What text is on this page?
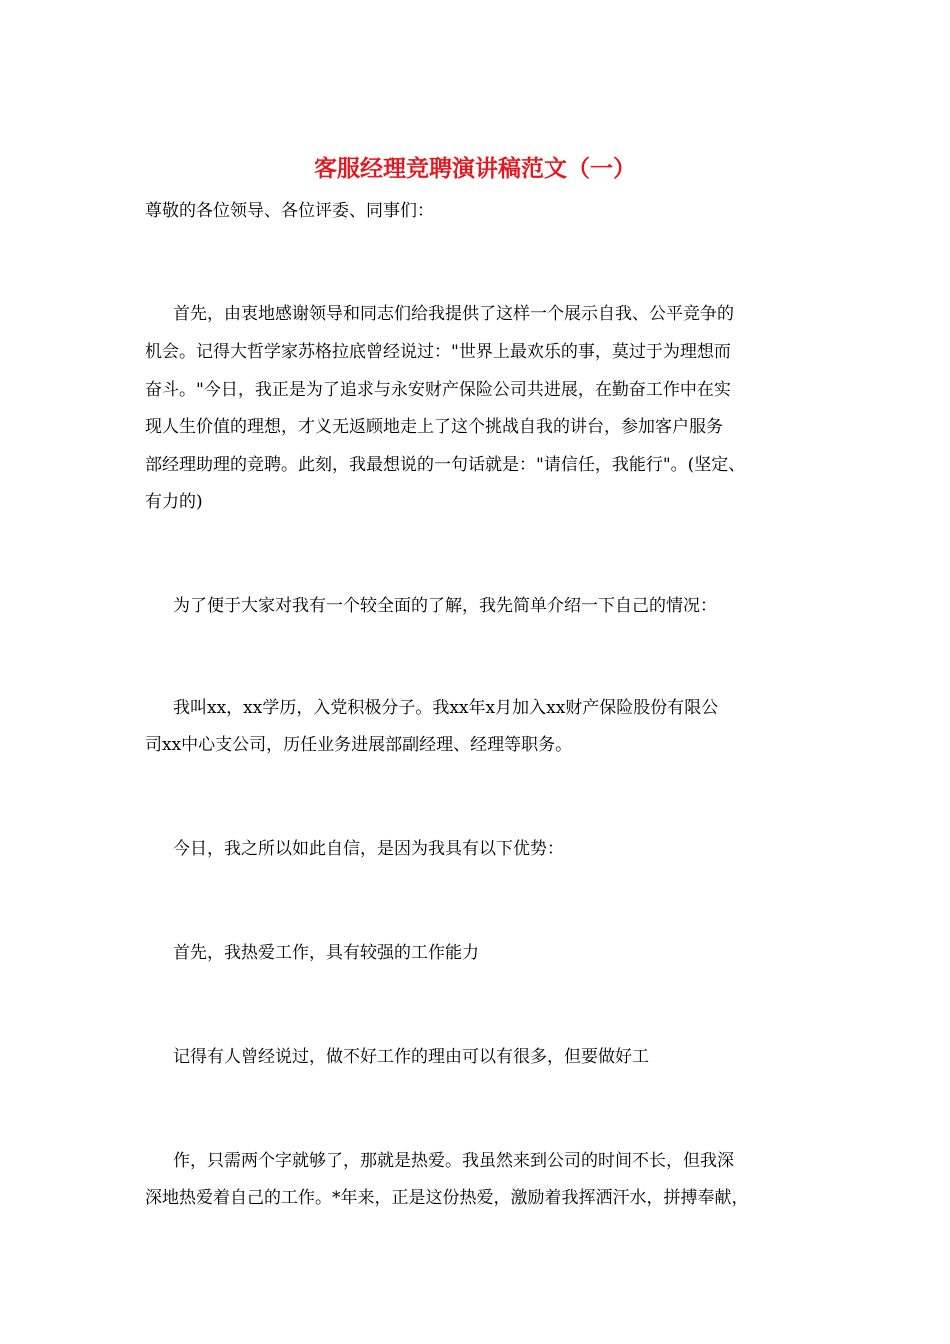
客服经理竞聘演讲稿范文（一）
尊敬的各位领导、各位评委、同事们：
首先，由衷地感谢领导和同志们给我提供了这样一个展示自我、公平竞争的
机会。记得大哲学家苏格拉底曾经说过："世界上最欢乐的事，莫过于为理想而
奋斗。"今日，我正是为了追求与永安财产保险公司共进展，在勤奋工作中在实
现人生价值的理想，才义无返顾地走上了这个挑战自我的讲台，参加客户服务
部经理助理的竞聘。此刻，我最想说的一句话就是："请信任，我能行"。(坚定、
有力的)
为了便于大家对我有一个较全面的了解，我先简单介绍一下自己的情况：
我叫xx，xx学历，入党积极分子。我xx年x月加入xx财产保险股份有限公
司xx中心支公司，历任业务进展部副经理、经理等职务。
今日，我之所以如此自信，是因为我具有以下优势：
首先，我热爱工作，具有较强的工作能力
记得有人曾经说过，做不好工作的理由可以有很多，但要做好工
作，只需两个字就够了，那就是热爱。我虽然来到公司的时间不长，但我深
深地热爱着自己的工作。*年来，正是这份热爱，激励着我挥洒汗水，拼搏奉献，
